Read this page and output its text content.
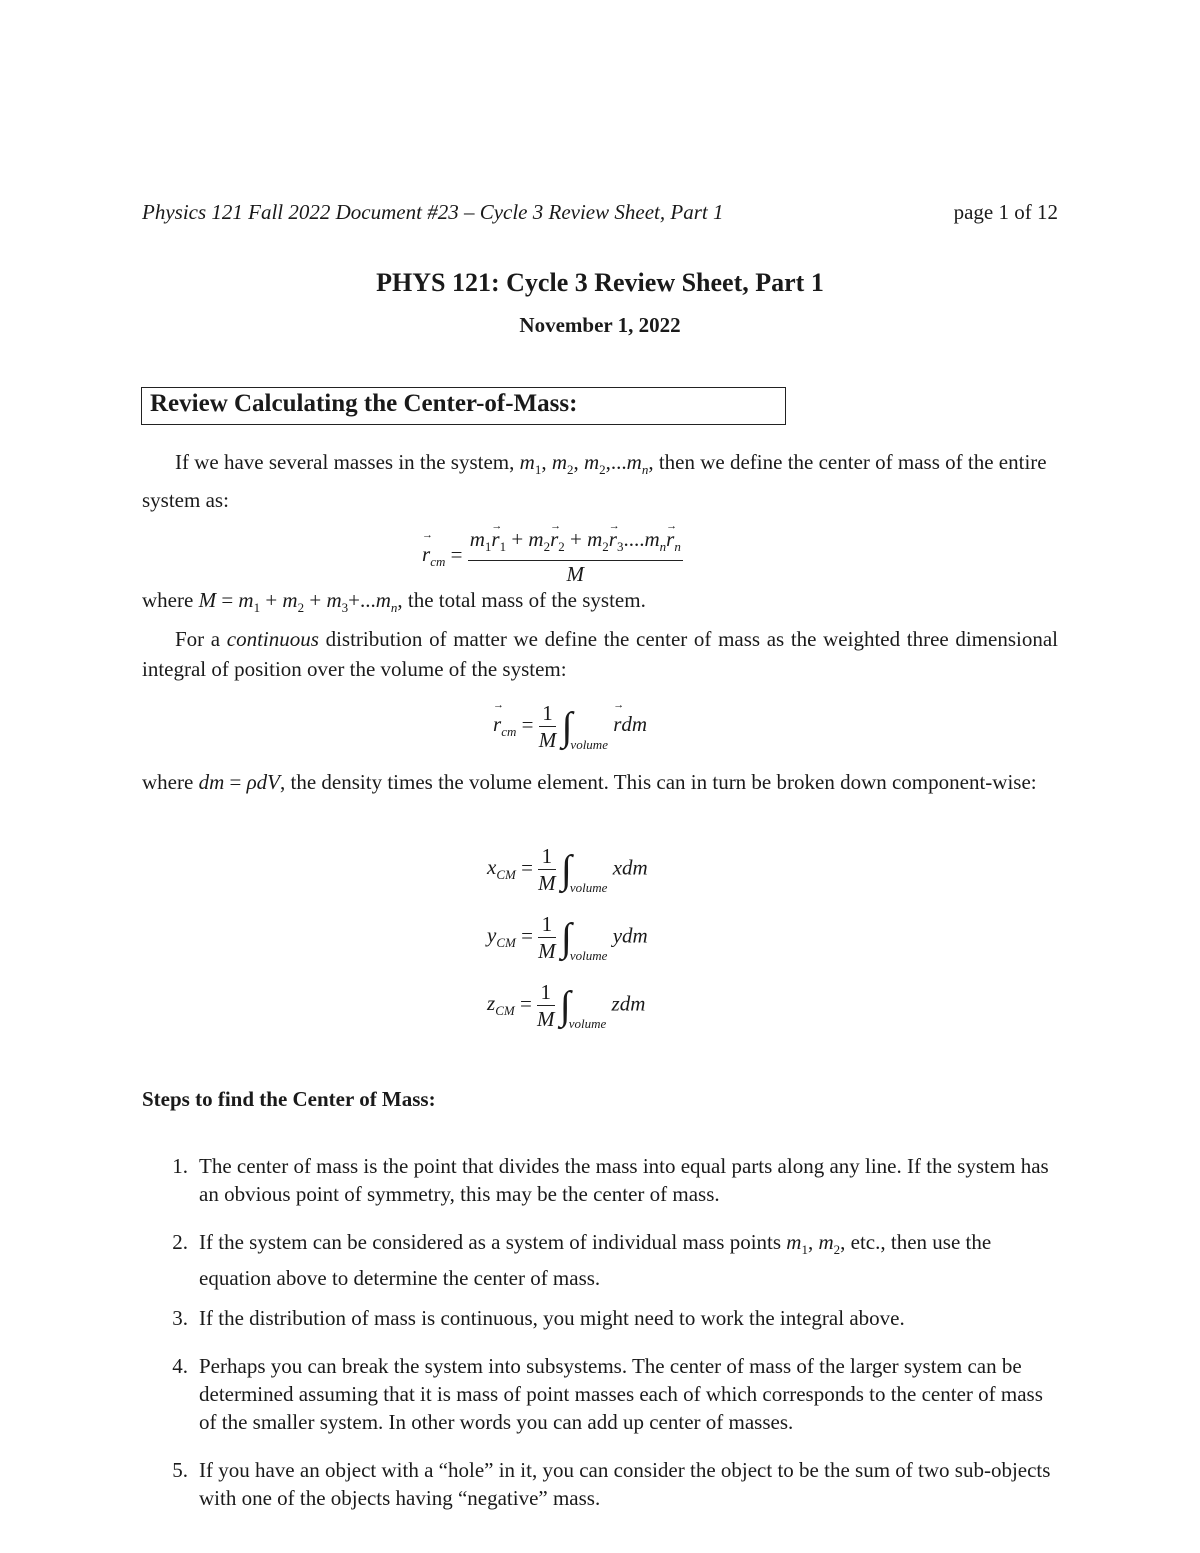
Physics 121 Fall 2022 Document #23 – Cycle 3 Review Sheet, Part 1	page 1 of 12
PHYS 121: Cycle 3 Review Sheet, Part 1
November 1, 2022
Review Calculating the Center-of-Mass:
If we have several masses in the system, $m_1$, $m_2$, $m_2,...m_n$, then we define the center of mass of the entire system as:
→ $r_{cm} = \frac{m_1\to r_1 + m_2\to r_2 + m_2\to r_3....m_n\to r_n}{M}$
where $M = m_1 + m_2 + m_3+...m_n$, the total mass of the system.
For a continuous distribution of matter we define the center of mass as the weighted three dimensional integral of position over the volume of the system:
→ $r_{cm} = \frac{1}{M} \int_{volume}$ → rdm
where dm = ρdV, the density times the volume element. This can in turn be broken down component-wise:
$x_{CM} = \frac{1}{M} \int_{volume}$ xdm
$y_{CM} = \frac{1}{M} \int_{volume}$ ydm
$z_{CM} = \frac{1}{M} \int_{volume}$ zdm
Steps to find the Center of Mass:
1. The center of mass is the point that divides the mass into equal parts along any line. If the system has an obvious point of symmetry, this may be the center of mass.
2. If the system can be considered as a system of individual mass points $m_1$, $m_2$, etc., then use the equation above to determine the center of mass.
3. If the distribution of mass is continuous, you might need to work the integral above.
4. Perhaps you can break the system into subsystems. The center of mass of the larger system can be determined assuming that it is mass of point masses each of which corresponds to the center of mass of the smaller system. In other words you can add up center of masses.
5. If you have an object with a “hole” in it, you can consider the object to be the sum of two sub-objects with one of the objects having “negative” mass.
